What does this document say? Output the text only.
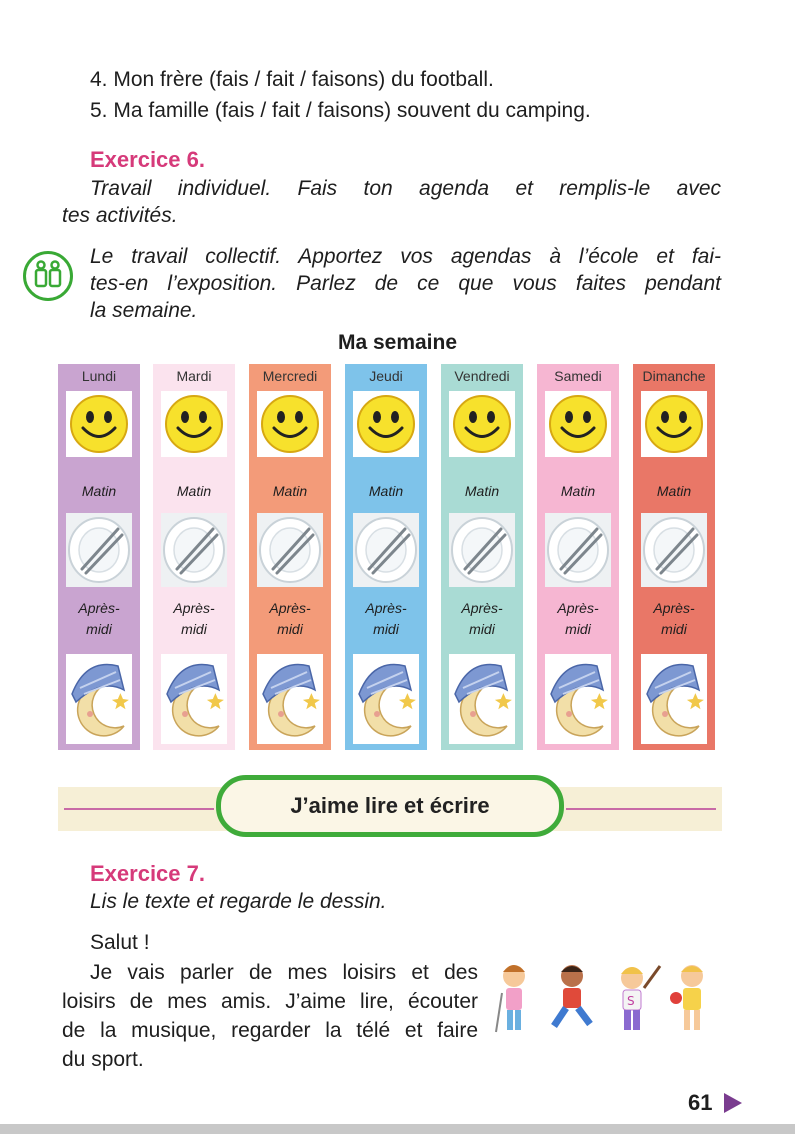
4. Mon frère (fais / fait / faisons) du football.
5. Ma famille (fais / fait / faisons) souvent du camping.
Exercice 6.
Travail individuel. Fais ton agenda et remplis-le avec
tes activités.
Le travail collectif. Apportez vos agendas à l’école et fai-
tes-en l’exposition. Parlez de ce que vous faites pendant
la semaine.
Ma semaine
Lundi
Matin
Après-
midi
Mardi
Matin
Après-
midi
Mercredi
Matin
Après-
midi
Jeudi
Matin
Après-
midi
Vendredi
Matin
Après-
midi
Samedi
Matin
Après-
midi
Dimanche
Matin
Après-
midi
J’aime lire et écrire
Exercice 7.
Lis le texte et regarde le dessin.
Salut !
Je vais parler de mes loisirs et des
loisirs de mes amis. J’aime lire, écouter
de la musique, regarder la télé et faire
du sport.
S
61
